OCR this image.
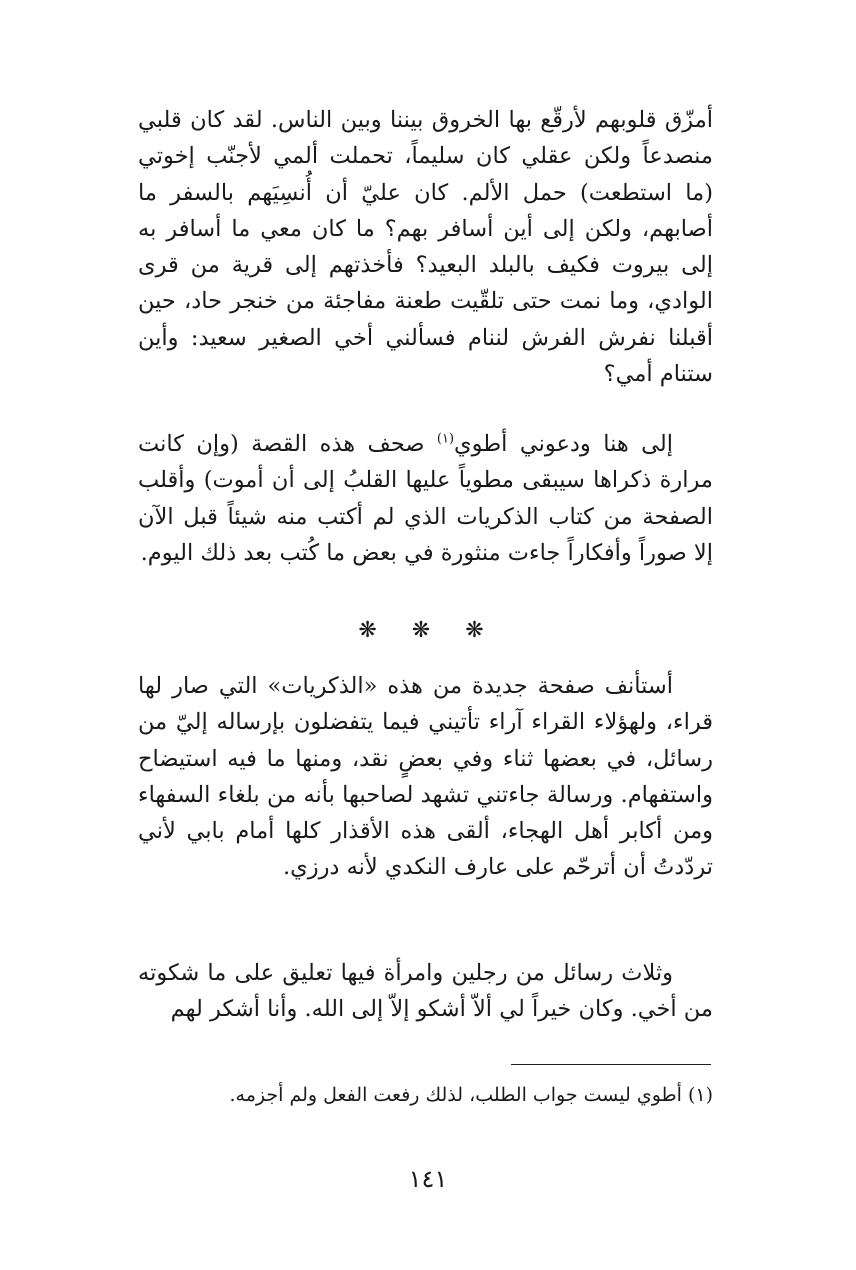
أمزّق قلوبهم لأرقّع بها الخروق بيننا وبين الناس. لقد كان قلبي منصدعاً ولكن عقلي كان سليماً، تحملت ألمي لأجنّب إخوتي (ما استطعت) حمل الألم. كان عليّ أن أُنسِيَهم بالسفر ما أصابهم، ولكن إلى أين أسافر بهم؟ ما كان معي ما أسافر به إلى بيروت فكيف بالبلد البعيد؟ فأخذتهم إلى قرية من قرى الوادي، وما نمت حتى تلقّيت طعنة مفاجئة من خنجر حاد، حين أقبلنا نفرش الفرش لننام فسألني أخي الصغير سعيد: وأين ستنام أمي؟

إلى هنا ودعوني أطوي$^{(١)}$ صحف هذه القصة (وإن كانت مرارة ذكراها سيبقى مطوياً عليها القلبُ إلى أن أموت) وأقلب الصفحة من كتاب الذكريات الذي لم أكتب منه شيئاً قبل الآن إلا صوراً وأفكاراً جاءت منثورة في بعض ما كُتب بعد ذلك اليوم.

❋ ❋ ❋

أستأنف صفحة جديدة من هذه «الذكريات» التي صار لها قراء، ولهؤلاء القراء آراء تأتيني فيما يتفضلون بإرساله إليّ من رسائل، في بعضها ثناء وفي بعضٍ نقد، ومنها ما فيه استيضاح واستفهام. ورسالة جاءتني تشهد لصاحبها بأنه من بلغاء السفهاء ومن أكابر أهل الهجاء، ألقى هذه الأقذار كلها أمام بابي لأني تردّدتُ أن أترحّم على عارف النكدي لأنه درزي.

وثلاث رسائل من رجلين وامرأة فيها تعليق على ما شكوته من أخي. وكان خيراً لي ألاّ أشكو إلاّ إلى الله. وأنا أشكر لهم

(١) أطوي ليست جواب الطلب، لذلك رفعت الفعل ولم أجزمه.
١٤١
